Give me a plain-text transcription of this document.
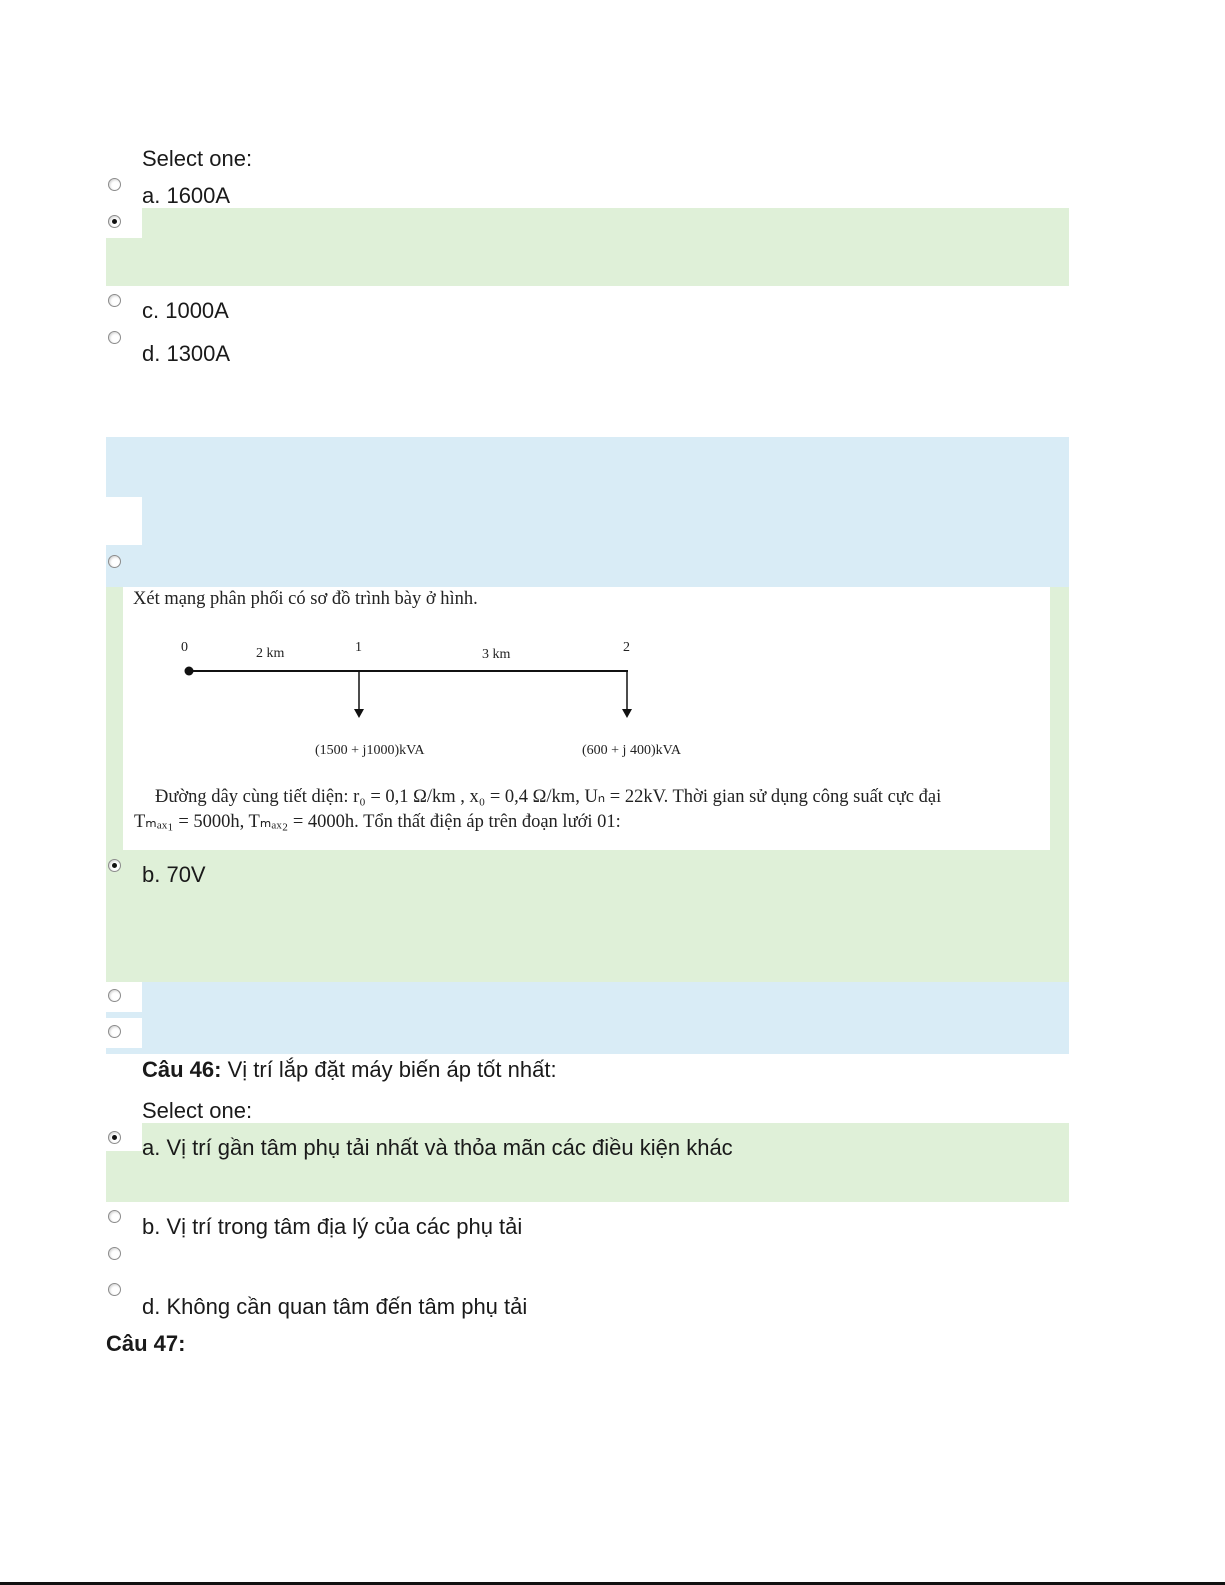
Select one:
a. 1600A
c. 1000A
d. 1300A
Xét mạng phân phối có sơ đồ trình bày ở hình.
0	2 km	1	3 km	2
(1500 + j1000)kVA	(600 + j 400)kVA
Đường dây cùng tiết diện: r₀ = 0,1 Ω/km , x₀ = 0,4 Ω/km, Uₙ = 22kV. Thời gian sử dụng công suất cực đại
Tₘₐₓ₁ = 5000h, Tₘₐₓ₂ = 4000h. Tổn thất điện áp trên đoạn lưới 01:
b. 70V
Câu 46: Vị trí lắp đặt máy biến áp tốt nhất:
Select one:
a. Vị trí gần tâm phụ tải nhất và thỏa mãn các điều kiện khác
b. Vị trí trong tâm địa lý của các phụ tải
d. Không cần quan tâm đến tâm phụ tải
Câu 47:
